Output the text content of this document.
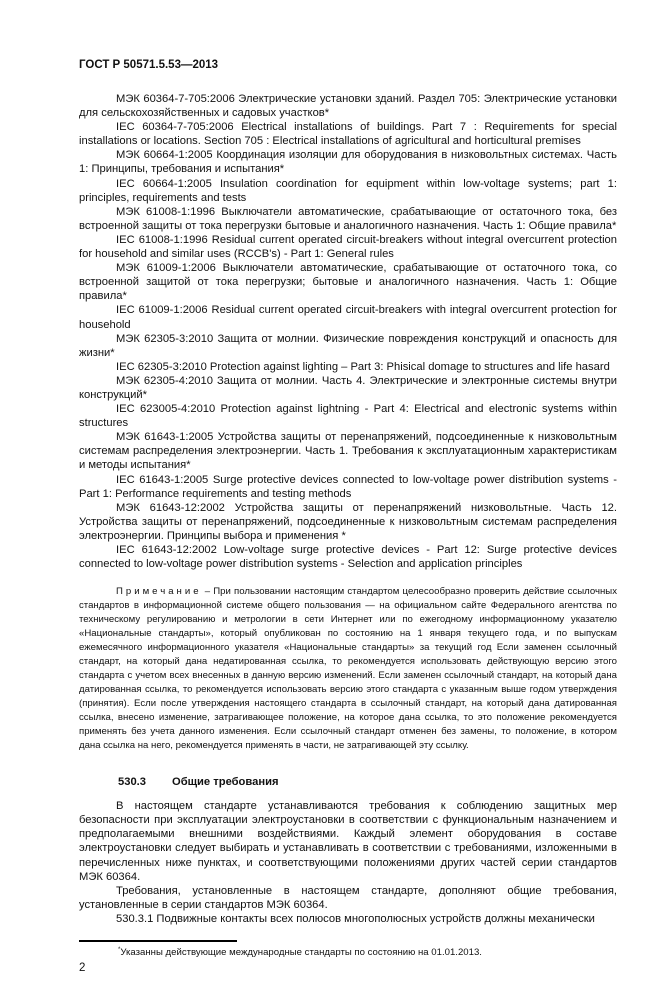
ГОСТ Р 50571.5.53—2013

МЭК 60364-7-705:2006 Электрические установки зданий. Раздел 705: Электрические установки для сельскохозяйственных и садовых участков*

IEC 60364-7-705:2006 Electrical installations of buildings. Part 7 : Requirements for special installations or locations. Section 705 : Electrical installations of agricultural and horticultural premises

МЭК 60664-1:2005 Координация изоляции для оборудования в низковольтных системах. Часть 1: Принципы, требования и испытания*

IEC 60664-1:2005 Insulation coordination for equipment within low-voltage systems; part 1: principles, requirements and tests

МЭК 61008-1:1996 Выключатели автоматические, срабатывающие от остаточного тока, без встроенной защиты от тока перегрузки бытовые и аналогичного назначения. Часть 1: Общие правила*

IEC 61008-1:1996 Residual current operated circuit-breakers without integral overcurrent protection for household and similar uses (RCCB's) - Part 1: General rules

МЭК 61009-1:2006 Выключатели автоматические, срабатывающие от остаточного тока, со встроенной защитой от тока перегрузки; бытовые и аналогичного назначения. Часть 1: Общие правила*

IEC 61009-1:2006 Residual current operated circuit-breakers with integral overcurrent protection for household

МЭК 62305-3:2010 Защита от молнии. Физические повреждения конструкций и опасность для жизни*

IEC 62305-3:2010 Protection against lighting – Part 3: Phisical domage to structures and life hasard

МЭК 62305-4:2010 Защита от молнии. Часть 4. Электрические и электронные системы внутри конструкций*

IEC 623005-4:2010 Protection against lightning - Part 4: Electrical and electronic systems within structures

МЭК 61643-1:2005 Устройства защиты от перенапряжений, подсоединенные к низковольтным системам распределения электроэнергии. Часть 1. Требования к эксплуатационным характеристикам и методы испытания*

IEC 61643-1:2005 Surge protective devices connected to low-voltage power distribution systems - Part 1: Performance requirements and testing methods

МЭК 61643-12:2002 Устройства защиты от перенапряжений низковольтные. Часть 12. Устройства защиты от перенапряжений, подсоединенные к низковольтным системам распределения электроэнергии. Принципы выбора и применения *

IEC 61643-12:2002 Low-voltage surge protective devices - Part 12: Surge protective devices connected to low-voltage power distribution systems - Selection and application principles

Примечание – При пользовании настоящим стандартом целесообразно проверить действие ссылочных стандартов в информационной системе общего пользования — на официальном сайте Федерального агентства по техническому регулированию и метрологии в сети Интернет или по ежегодному информационному указателю «Национальные стандарты», который опубликован по состоянию на 1 января текущего года, и по выпускам ежемесячного информационного указателя «Национальные стандарты» за текущий год Если заменен ссылочный стандарт, на который дана недатированная ссылка, то рекомендуется использовать действующую версию этого стандарта с учетом всех внесенных в данную версию изменений. Если заменен ссылочный стандарт, на который дана датированная ссылка, то рекомендуется использовать версию этого стандарта с указанным выше годом утверждения (принятия). Если после утверждения настоящего стандарта в ссылочный стандарт, на который дана датированная ссылка, внесено изменение, затрагивающее положение, на которое дана ссылка, то это положение рекомендуется применять без учета данного изменения. Если ссылочный стандарт отменен без замены, то положение, в котором дана ссылка на него, рекомендуется применять в части, не затрагивающей эту ссылку.

530.3 Общие требования

В настоящем стандарте устанавливаются требования к соблюдению защитных мер безопасности при эксплуатации электроустановки в соответствии с функциональным назначением и предполагаемыми внешними воздействиями. Каждый элемент оборудования в составе электроустановки следует выбирать и устанавливать в соответствии с требованиями, изложенными в перечисленных ниже пунктах, и соответствующими положениями других частей серии стандартов МЭК 60364.

Требования, установленные в настоящем стандарте, дополняют общие требования, установленные в серии стандартов МЭК 60364.

530.3.1 Подвижные контакты всех полюсов многополюсных устройств должны механически

*Указанны действующие международные стандарты по состоянию на 01.01.2013.
2
